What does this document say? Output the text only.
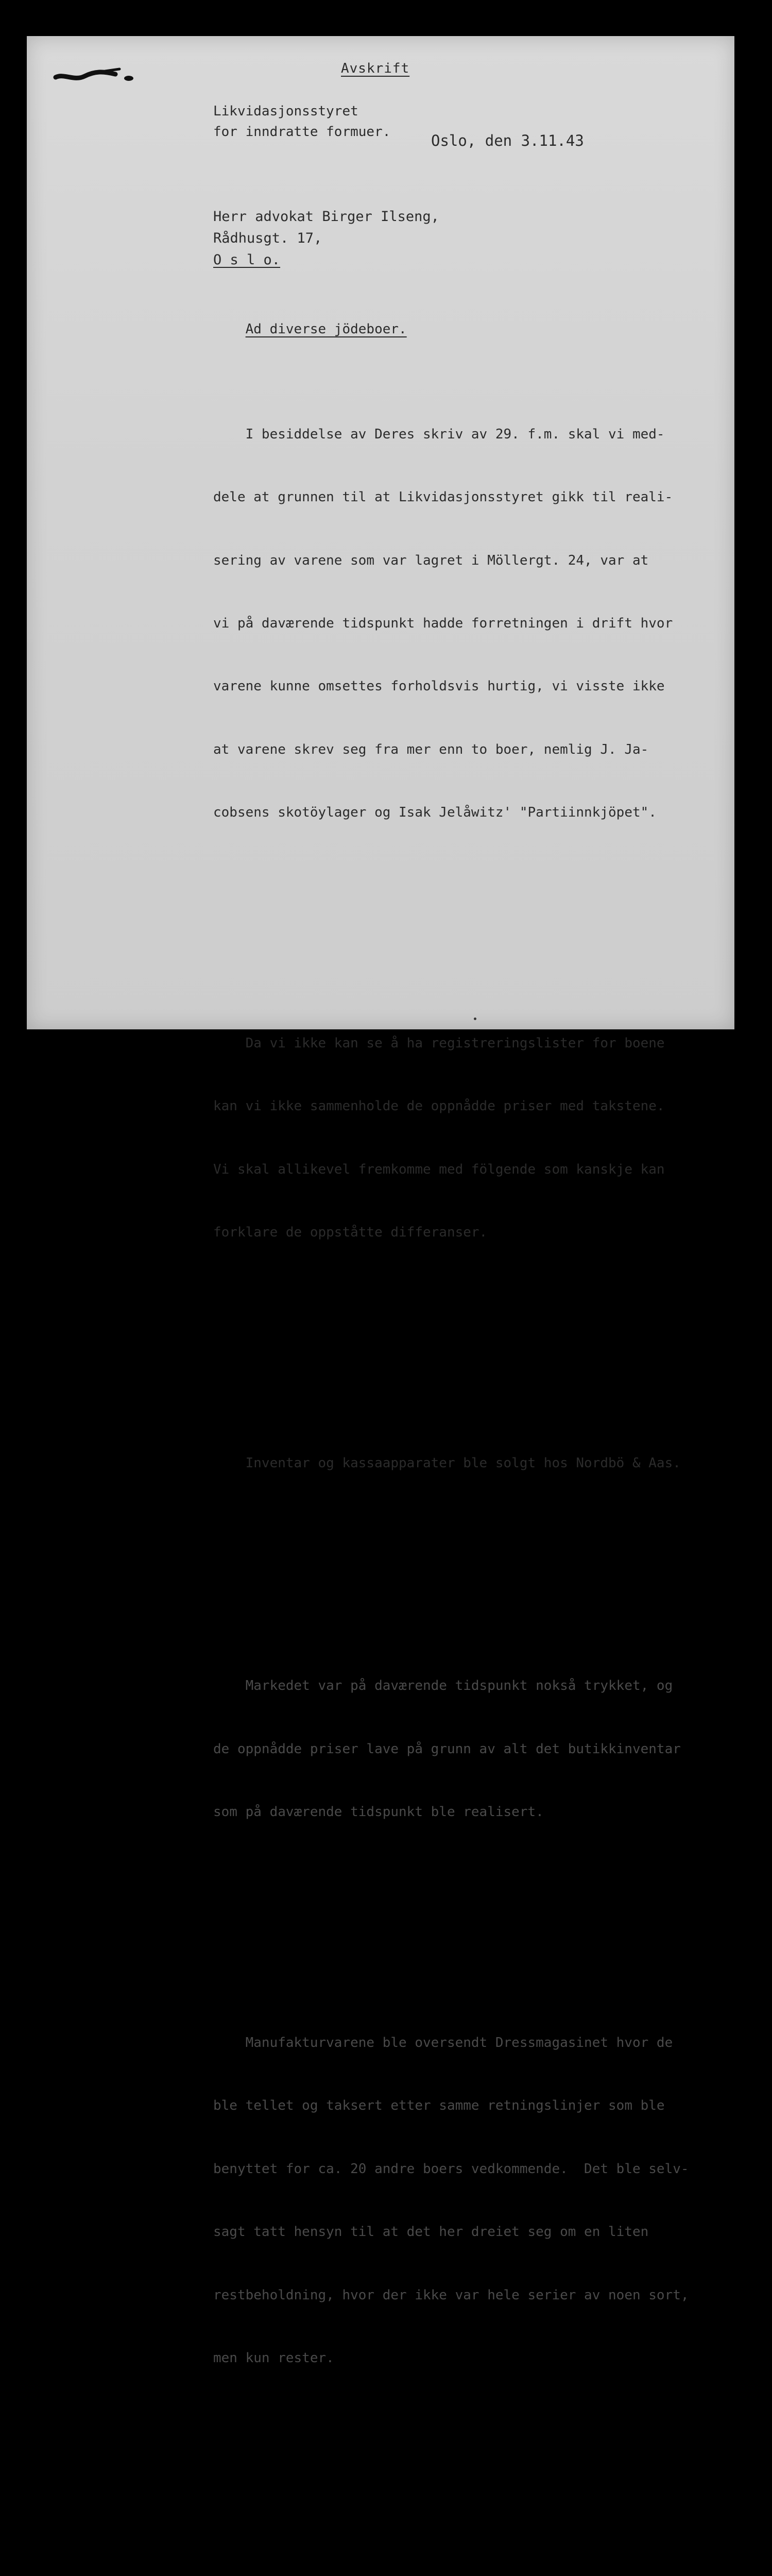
Avskrift
Likvidasjonsstyret
for inndratte formuer.	Oslo, den 3.11.43
Herr advokat Birger Ilseng,
Rådhusgt. 17,
O s l o.

Ad diverse jödeboer.

I besiddelse av Deres skriv av 29. f.m. skal vi med-

dele at grunnen til at Likvidasjonsstyret gikk til reali-

sering av varene som var lagret i Möllergt. 24, var at

vi på daværende tidspunkt hadde forretningen i drift hvor

varene kunne omsettes forholdsvis hurtig, vi visste ikke

at varene skrev seg fra mer enn to boer, nemlig J. Ja-

cobsens skotöylager og Isak Jelåwitz' "Partiinnkjöpet".

Da vi ikke kan se å ha registreringslister for boene

kan vi ikke sammenholde de oppnådde priser med takstene.

Vi skal allikevel fremkomme med fölgende som kanskje kan

forklare de oppståtte differanser.

Inventar og kassaapparater ble solgt hos Nordbö & Aas.

Markedet var på daværende tidspunkt nokså trykket, og

de oppnådde priser lave på grunn av alt det butikkinventar

som på daværende tidspunkt ble realisert.

Manufakturvarene ble oversendt Dressmagasinet hvor de

ble tellet og taksert etter samme retningslinjer som ble

benyttet for ca. 20 andre boers vedkommende.  Det ble selv-

sagt tatt hensyn til at det her dreiet seg om en liten

restbeholdning, hvor der ikke var hele serier av noen sort,

men kun rester.
